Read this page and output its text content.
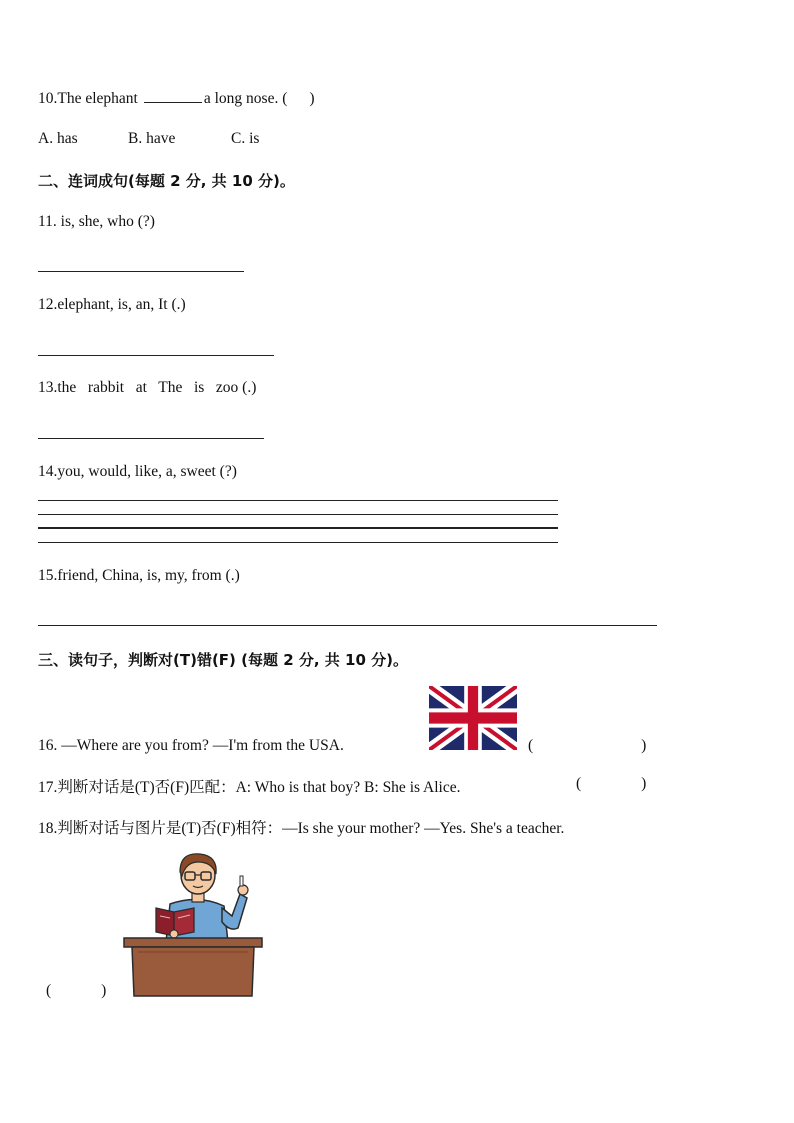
10.The elephant	a long nose. ( )
A. has	B. have	C. is
二、连词成句(每题 2 分, 共 10 分)。
11. is, she, who (?)
12.elephant, is, an, It (.)
13.the   rabbit   at   The   is   zoo (.)
14.you, would, like, a, sweet (?)
15.friend, China, is, my, from (.)
三、读句子，判断对(T)错(F) (每题 2 分, 共 10 分)。
16. —Where are you from? —I'm from the USA.	(	)
17.判断对话是(T)否(F)匹配：A: Who is that boy? B: She is Alice.	(	)
18.判断对话与图片是(T)否(F)相符：—Is she your mother? —Yes. She's a teacher.
(	)
